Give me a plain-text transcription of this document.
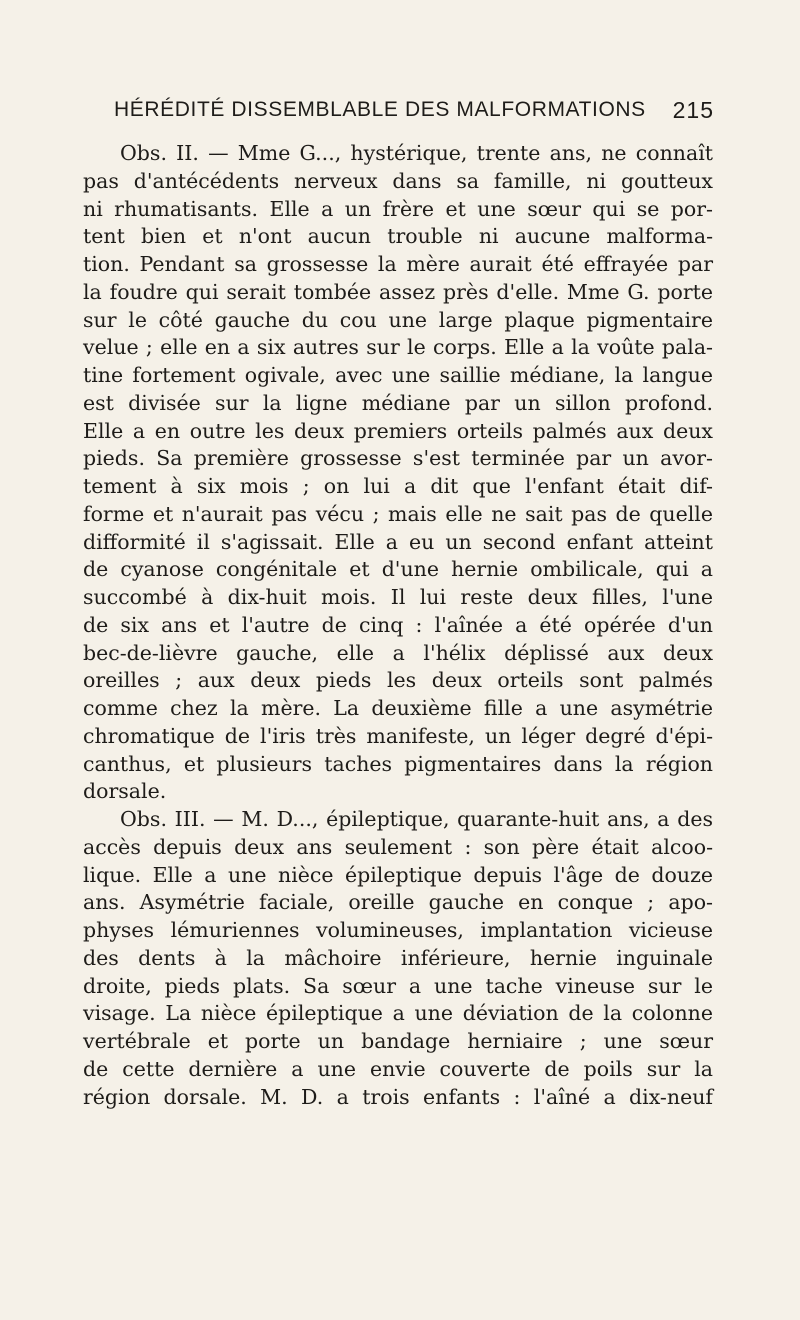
HÉRÉDITÉ DISSEMBLABLE DES MALFORMATIONS 215
Obs. II. — Mme G..., hystérique, trente ans, ne connaît
pas d'antécédents nerveux dans sa famille, ni goutteux
ni rhumatisants. Elle a un frère et une sœur qui se por-
tent bien et n'ont aucun trouble ni aucune malforma-
tion. Pendant sa grossesse la mère aurait été effrayée par
la foudre qui serait tombée assez près d'elle. Mme G. porte
sur le côté gauche du cou une large plaque pigmentaire
velue ; elle en a six autres sur le corps. Elle a la voûte pala-
tine fortement ogivale, avec une saillie médiane, la langue
est divisée sur la ligne médiane par un sillon profond.
Elle a en outre les deux premiers orteils palmés aux deux
pieds. Sa première grossesse s'est terminée par un avor-
tement à six mois ; on lui a dit que l'enfant était dif-
forme et n'aurait pas vécu ; mais elle ne sait pas de quelle
difformité il s'agissait. Elle a eu un second enfant atteint
de cyanose congénitale et d'une hernie ombilicale, qui a
succombé à dix-huit mois. Il lui reste deux filles, l'une
de six ans et l'autre de cinq : l'aînée a été opérée d'un
bec-de-lièvre gauche, elle a l'hélix déplissé aux deux
oreilles ; aux deux pieds les deux orteils sont palmés
comme chez la mère. La deuxième fille a une asymétrie
chromatique de l'iris très manifeste, un léger degré d'épi-
canthus, et plusieurs taches pigmentaires dans la région
dorsale.
Obs. III. — M. D..., épileptique, quarante-huit ans, a des
accès depuis deux ans seulement : son père était alcoo-
lique. Elle a une nièce épileptique depuis l'âge de douze
ans. Asymétrie faciale, oreille gauche en conque ; apo-
physes lémuriennes volumineuses, implantation vicieuse
des dents à la mâchoire inférieure, hernie inguinale
droite, pieds plats. Sa sœur a une tache vineuse sur le
visage. La nièce épileptique a une déviation de la colonne
vertébrale et porte un bandage herniaire ; une sœur
de cette dernière a une envie couverte de poils sur la
région dorsale. M. D. a trois enfants : l'aîné a dix-neuf
